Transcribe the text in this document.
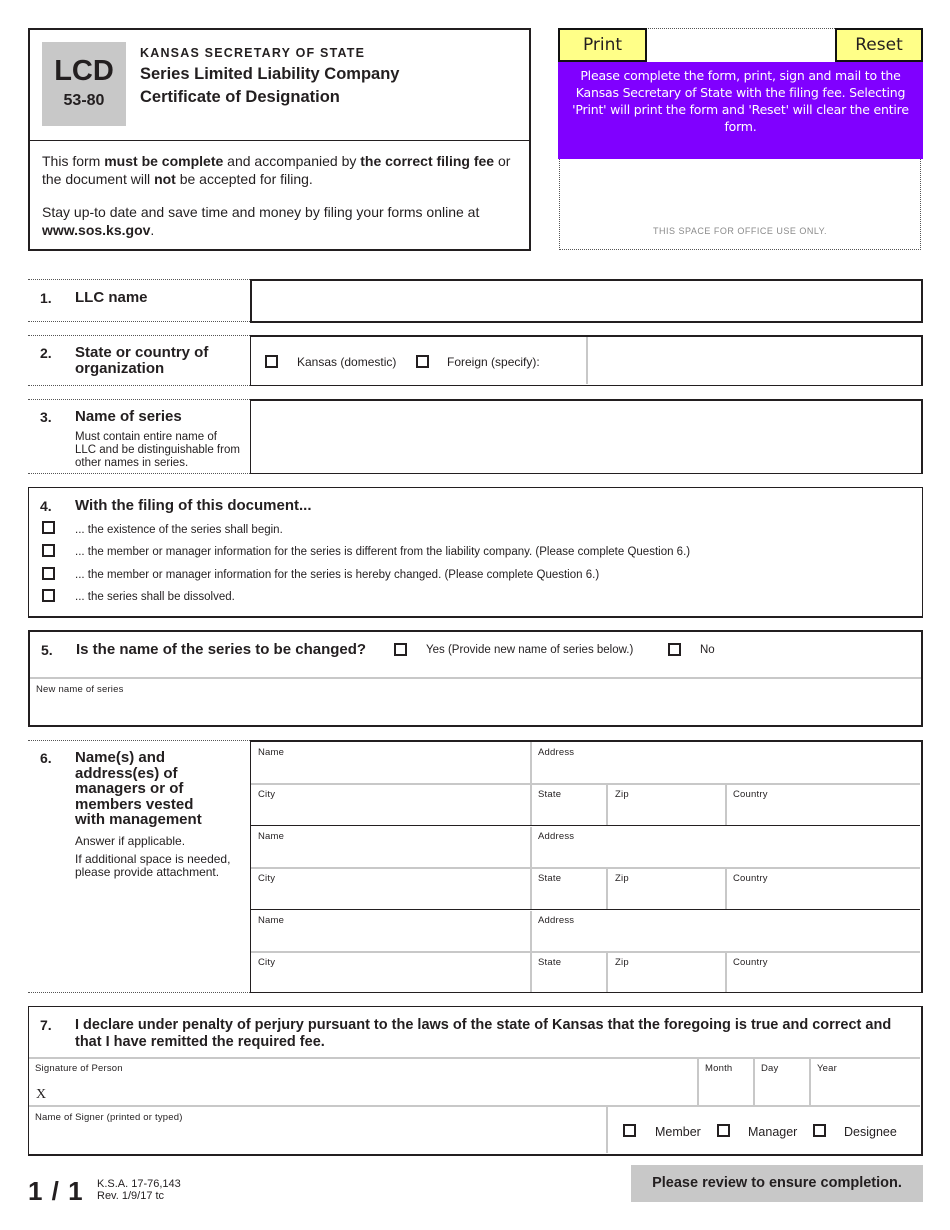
LCD
53-80
KANSAS SECRETARY OF STATE
Series Limited Liability Company
Certificate of Designation
This form must be complete and accompanied by the correct filing fee or the document will not be accepted for filing.
Stay up-to date and save time and money by filing your forms online at www.sos.ks.gov.
Print	Reset
Please complete the form, print, sign and mail to the Kansas Secretary of State with the filing fee. Selecting 'Print' will print the form and 'Reset' will clear the entire form.
THIS SPACE FOR OFFICE USE ONLY.
1. LLC name
2. State or country of organization	Kansas (domestic)	Foreign (specify):
3. Name of series
Must contain entire name of LLC and be distinguishable from other names in series.
4. With the filing of this document...
... the existence of the series shall begin.
... the member or manager information for the series is different from the liability company. (Please complete Question 6.)
... the member or manager information for the series is hereby changed. (Please complete Question 6.)
... the series shall be dissolved.
5. Is the name of the series to be changed?	Yes (Provide new name of series below.)	No
New name of series
6. Name(s) and address(es) of managers or of members vested with management
Answer if applicable.
If additional space is needed, please provide attachment.
Name	Address
City	State	Zip	Country
Name	Address
City	State	Zip	Country
Name	Address
City	State	Zip	Country
7. I declare under penalty of perjury pursuant to the laws of the state of Kansas that the foregoing is true and correct and that I have remitted the required fee.
Signature of Person
X
Month	Day	Year
Name of Signer (printed or typed)
Member	Manager	Designee
1 / 1 K.S.A. 17-76,143
Rev. 1/9/17 tc
Please review to ensure completion.
